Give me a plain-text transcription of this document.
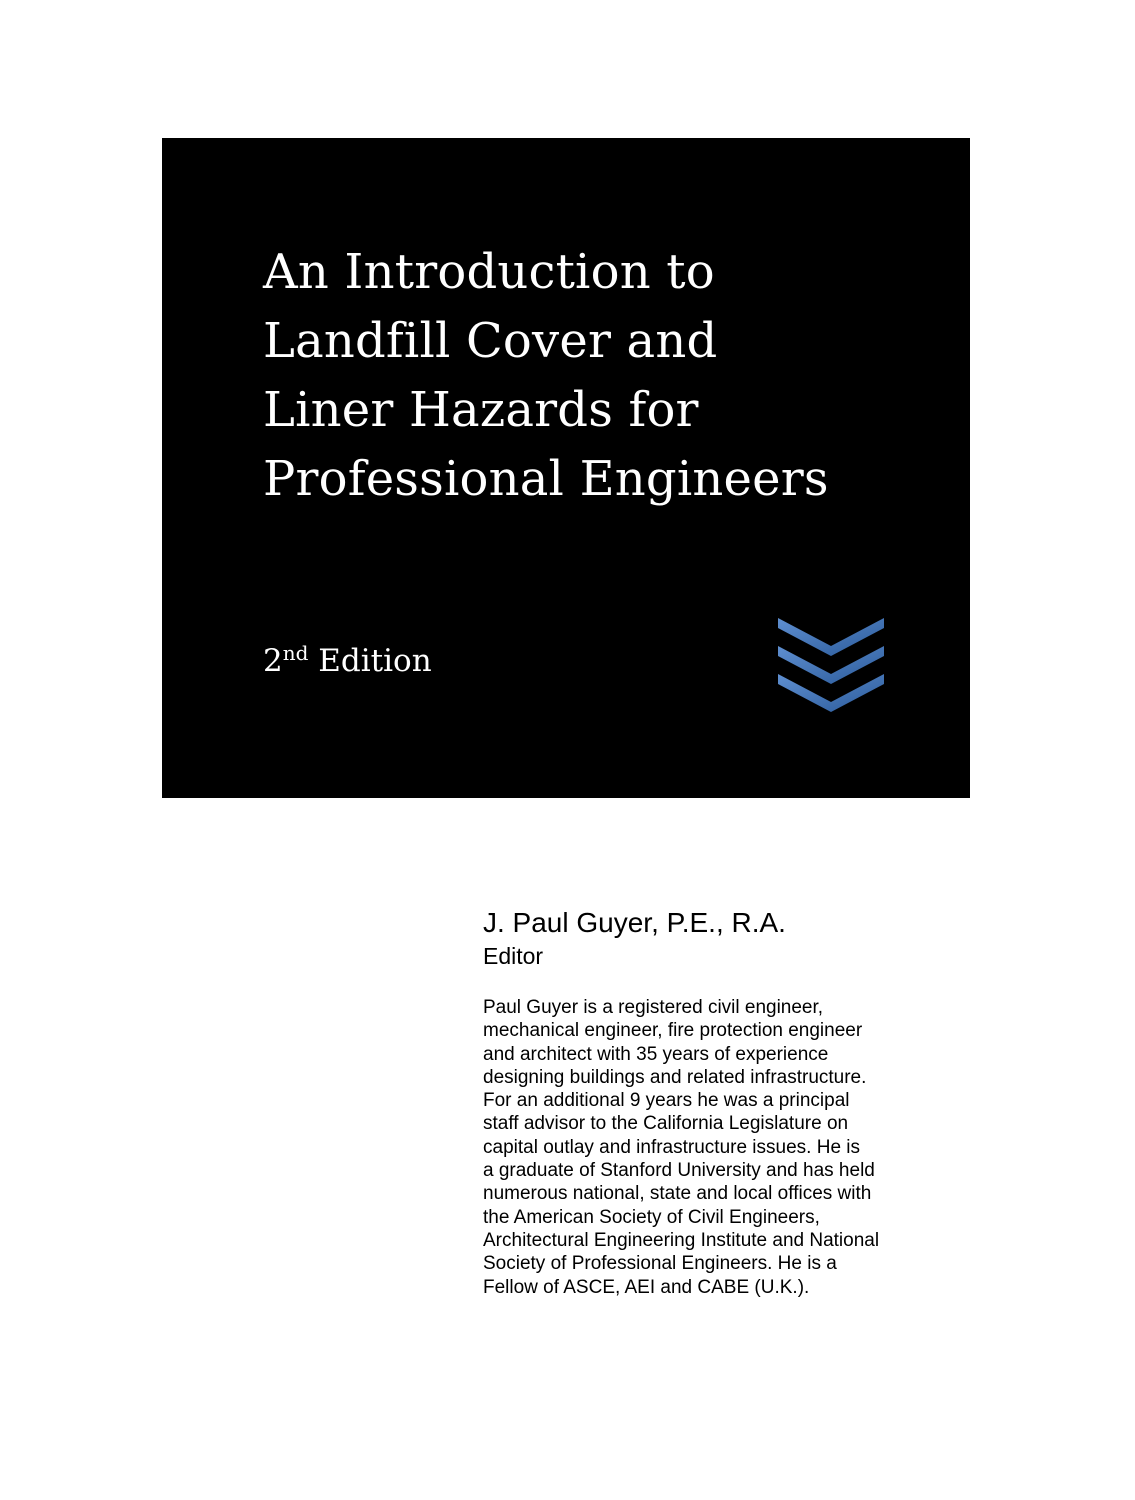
An Introduction to
Landfill Cover and
Liner Hazards for
Professional Engineers
2nd Edition
J. Paul Guyer, P.E., R.A.
Editor
Paul Guyer is a registered civil engineer,
mechanical engineer, fire protection engineer
and architect with 35 years of experience
designing buildings and related infrastructure.
For an additional 9 years he was a principal
staff advisor to the California Legislature on
capital outlay and infrastructure issues. He is
a graduate of Stanford University and has held
numerous national, state and local offices with
the American Society of Civil Engineers,
Architectural Engineering Institute and National
Society of Professional Engineers. He is a
Fellow of ASCE, AEI and CABE (U.K.).
